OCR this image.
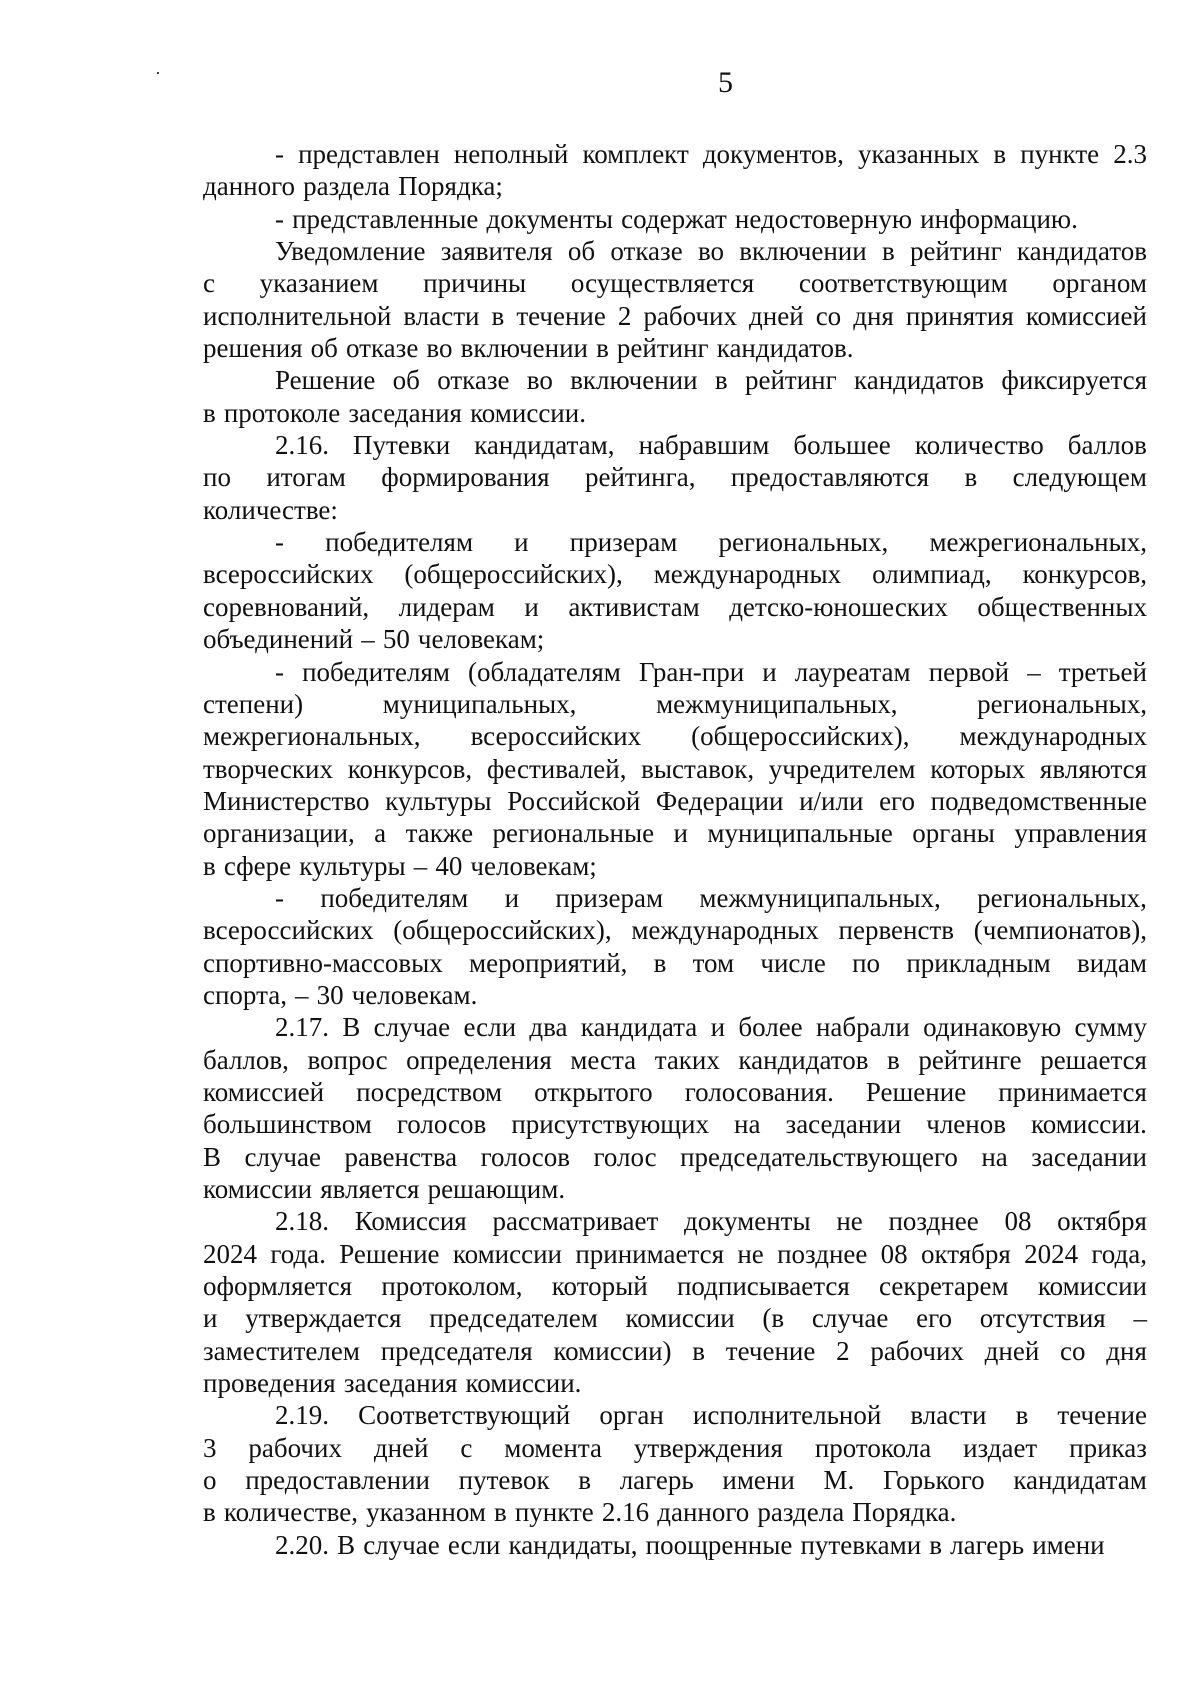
5
- представлен неполный комплект документов, указанных в пункте 2.3
данного раздела Порядка;
- представленные документы содержат недостоверную информацию.
Уведомление заявителя об отказе во включении в рейтинг кандидатов
с указанием причины осуществляется соответствующим органом
исполнительной власти в течение 2 рабочих дней со дня принятия комиссией
решения об отказе во включении в рейтинг кандидатов.
Решение об отказе во включении в рейтинг кандидатов фиксируется
в протоколе заседания комиссии.
2.16. Путевки кандидатам, набравшим большее количество баллов
по итогам формирования рейтинга, предоставляются в следующем
количестве:
- победителям и призерам региональных, межрегиональных,
всероссийских (общероссийских), международных олимпиад, конкурсов,
соревнований, лидерам и активистам детско-юношеских общественных
объединений – 50 человекам;
- победителям (обладателям Гран-при и лауреатам первой – третьей
степени)	муниципальных,	межмуниципальных,	региональных,
межрегиональных, всероссийских (общероссийских), международных
творческих конкурсов, фестивалей, выставок, учредителем которых являются
Министерство культуры Российской Федерации и/или его подведомственные
организации, а также региональные и муниципальные органы управления
в сфере культуры – 40 человекам;
- победителям и призерам межмуниципальных, региональных,
всероссийских (общероссийских), международных первенств (чемпионатов),
спортивно-массовых мероприятий, в том числе по прикладным видам
спорта, – 30 человекам.
2.17. В случае если два кандидата и более набрали одинаковую сумму
баллов, вопрос определения места таких кандидатов в рейтинге решается
комиссией посредством открытого голосования. Решение принимается
большинством голосов присутствующих на заседании членов комиссии.
В случае равенства голосов голос председательствующего на заседании
комиссии является решающим.
2.18. Комиссия рассматривает документы не позднее 08 октября
2024 года. Решение комиссии принимается не позднее 08 октября 2024 года,
оформляется протоколом, который подписывается секретарем комиссии
и утверждается председателем комиссии (в случае его отсутствия –
заместителем председателя комиссии) в течение 2 рабочих дней со дня
проведения заседания комиссии.
2.19. Соответствующий орган исполнительной власти в течение
3 рабочих дней с момента утверждения протокола издает приказ
о предоставлении путевок в лагерь имени М. Горького кандидатам
в количестве, указанном в пункте 2.16 данного раздела Порядка.
2.20. В случае если кандидаты, поощренные путевками в лагерь имени
